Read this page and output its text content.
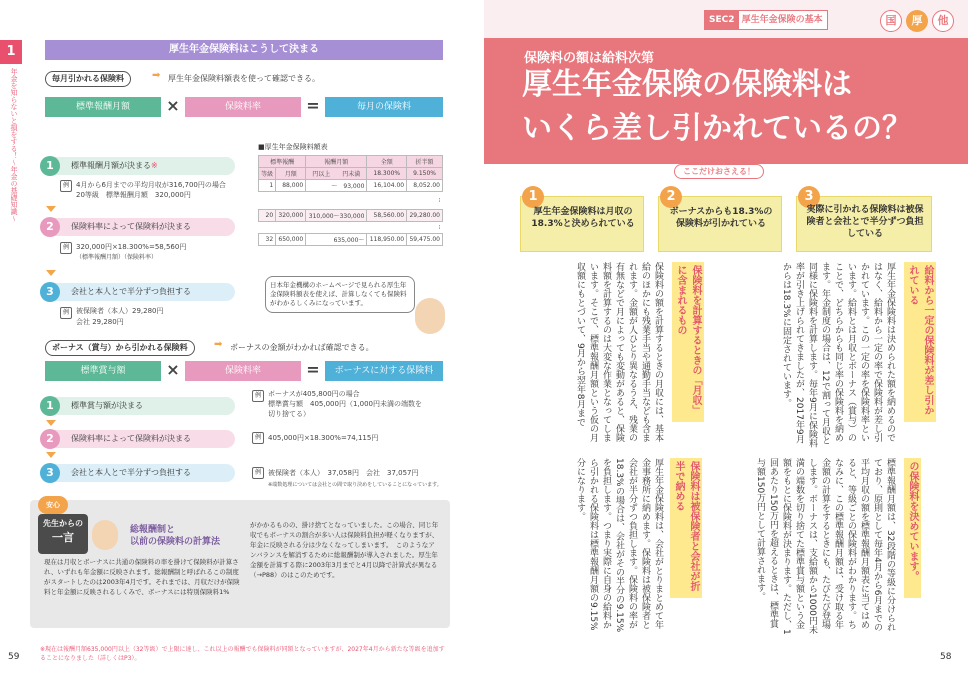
1
年金を知らないと損をする！〜年金の基礎知識〜
厚生年金保険料はこうして決まる
毎月引かれる保険料	➡ 厚生年金保険料額表を使って確認できる。
標準報酬月額	×	保険料率	=	毎月の保険料
標準報酬月額が決まる※
1
例	4月から6月までの平均月収が316,700円の場合
20等級　標準報酬月額　320,000円
保険料率によって保険料が決まる
2
例	320,000円×18.300%=58,560円
（標準報酬月額）（保険料率）
会社と本人とで半分ずつ負担する
3
例	被保険者（本人）29,280円
会社 29,280円
■厚生年金保険料額表
標準報酬		報酬月額	全額	折半額
等級	月額	円以上　　円未満	18.300%	9.150%
1	88,000	〜　93,000	16,104.00	8,052.00
⁝				
20	320,000	310,000〜330,000	58,560.00	29,280.00
⁝				
32	650,000	635,000〜	118,950.00	59,475.00
日本年金機構のホームページで見られる厚生年金保険料額表を使えば、計算しなくても保険料がわかるしくみになっています。
ボーナス（賞与）から引かれる保険料	➡ ボーナスの金額がわかれば確認できる。
標準賞与額	×	保険料率	=	ボーナスに対する保険料
標準賞与額が決まる
1
例	ボーナスが405,800円の場合
標準賞与額　405,000円（1,000円未満の端数を
切り捨てる）
保険料率によって保険料が決まる
2	例	405,000円×18.300%=74,115円
会社と本人とで半分ずつ負担する
3	例	被保険者（本人）　37,058円　会社　37,057円
※端数処理については会社との間で取り決めをしていることになっています。
安心
先生からの
一言
総報酬制と
以前の保険料の計算法
現在は月収とボーナスに共通の保険料の率を掛けて保険料が計算され、いずれも年金額に反映されます。総報酬制と呼ばれるこの制度がスタートしたのは2003年4月です。それまでは、月収だけが保険料と年金額に反映されるしくみで、ボーナスには特別保険料1%
がかかるものの、掛け捨てとなっていました。この場合、同じ年収でもボーナスの割合が多い人は保険料負担が軽くなりますが、年金に反映される分は少なくなってしまいます。　このようなアンバランスを解消するために総報酬制が導入されました。厚生年金額を計算する際に2003年3月までと4月以降で計算式が異なる（→P88）のはこのためです。
※現在は報酬月額635,000円以上（32等級）で上限に達し、これ以上の報酬でも保険料が同額となっていますが、2027年4月から新たな等級を追加することになりました（詳しくはP3）。
59
SEC2 厚生年金保険の基本	国	厚	他
保険料の額は給料次第
厚生年金保険の保険料は
いくら差し引かれているの？
ここだけおさえる！
1
厚生年金保険料は月収の18.3%と決められている
2
ボーナスからも18.3%の保険料が引かれている
3
実際に引かれる保険料は被保険者と会社とで半分ずつ負担している
給料から一定の保険料が差し引かれている
厚生年金保険料は決められた額を納めるのではなく、給料から一定の率で保険料が差し引かれています。この一定の率を保険料率といいます。給料とは月収とボーナス（賞与）のことで、どちらからも同じ率の保険料を納めます。年金制度の場合は、12で割って月収と同様に保険料を計算します。毎年9月に保険料率が引き上げられてきましたが、2017年9月からは18.3%に固定されています。
保険料を計算するときの「月収」に含まれるもの
保険料の額を計算するときの月収には、基本給のほかにも残業手当や通勤手当なども含まれます。金額が人ひとり異なるうえ、残業の有無などで月によっても変動があると、保険料額を計算するのは大変な作業となってしまいます。そこで、標準報酬月額という仮の月収額にもとづいて、9月から翌年8月まで
の保険料を決めています。
標準報酬月額は、32段階の等級に分けられており、原則として毎年4月から6月までの平均月収の額を標準報酬月額表に当てはめると、等級ごとの保険料がわかります。ちなみに、この標準報酬月額は、受け取る年金額の計算をするときにも、たびたび登場します。ボーナスは、支給額から1000円未満の端数を切り捨てた標準賞与額という金額をもとに保険料が決まります。ただし、1回あたり150万円を超えるときは、標準賞与額150万円として計算されます。
保険料は被保険者と会社が折半で納める
厚生年金保険料は、会社がとりまとめて年金事務所に納めます。保険料は被保険者と会社が半分ずつ負担します。保険料の率が18.3%の場合は、会社がその半分の9.15%を負担します。つまり実際に自身の給料から引かれる保険料は標準報酬月額の9.15%分になります。
58
